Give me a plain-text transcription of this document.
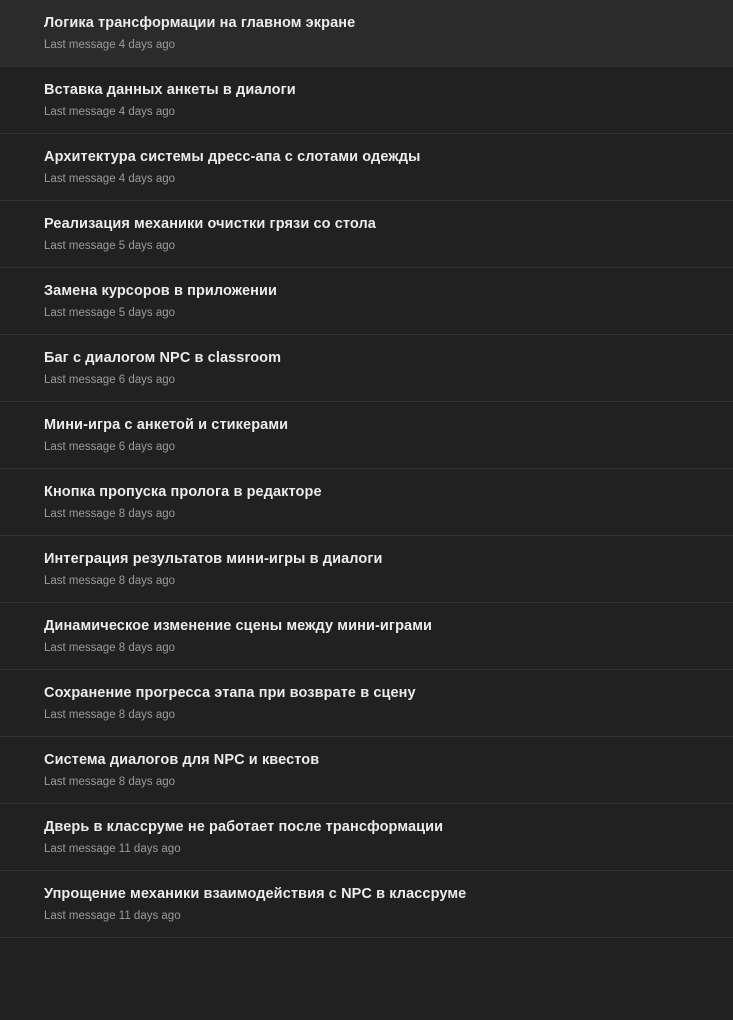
Логика трансформации на главном экране
Last message 4 days ago
Вставка данных анкеты в диалоги
Last message 4 days ago
Архитектура системы дресс-апа с слотами одежды
Last message 4 days ago
Реализация механики очистки грязи со стола
Last message 5 days ago
Замена курсоров в приложении
Last message 5 days ago
Баг с диалогом NPC в classroom
Last message 6 days ago
Мини-игра с анкетой и стикерами
Last message 6 days ago
Кнопка пропуска пролога в редакторе
Last message 8 days ago
Интеграция результатов мини-игры в диалоги
Last message 8 days ago
Динамическое изменение сцены между мини-играми
Last message 8 days ago
Сохранение прогресса этапа при возврате в сцену
Last message 8 days ago
Система диалогов для NPC и квестов
Last message 8 days ago
Дверь в классруме не работает после трансформации
Last message 11 days ago
Упрощение механики взаимодействия с NPC в классруме
Last message 11 days ago
